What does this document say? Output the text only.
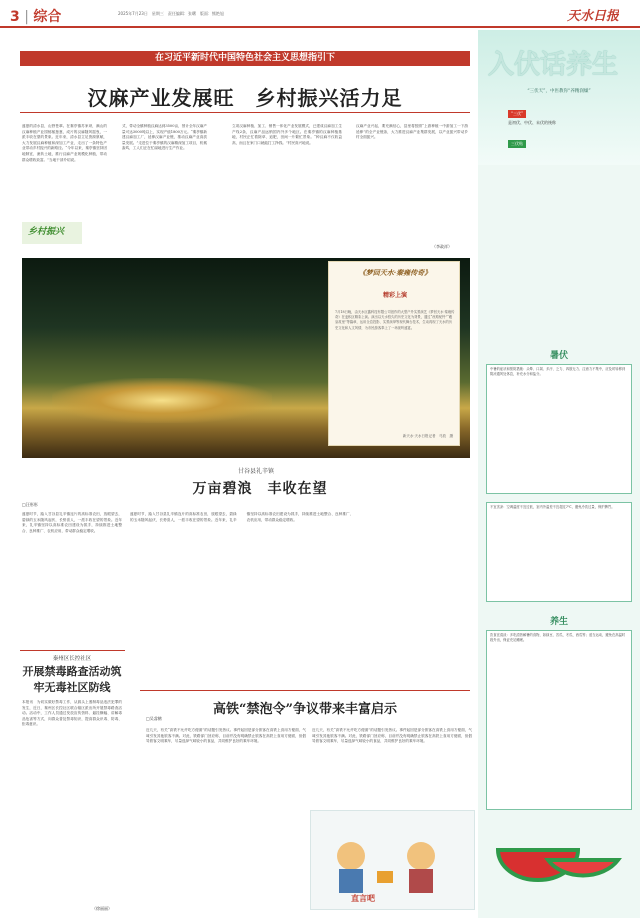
3 | 综合	2025年7月23日　星期三　责任编辑：张曙　版面：熊艳旭	天水日报
在习近平新时代中国特色社会主义思想指引下
汉麻产业发展旺　乡村振兴活力足
盛夏的清水县，山野苍翠。在秦亭镇苏家坝，满山的汉麻种植产业园郁郁葱葱，成片的汉麻随风摇曳，一派丰收在望的景象。近年来，清水县立足资源禀赋，大力发展汉麻种植和深加工产业，走出了一条特色产业带动乡村振兴的新路径。“今年以来，秦亭镇坚持因地制宜，流转土地，推行汉麻产业规模化种植，带动群众增收致富。”当地干部介绍说。
乡村振兴
式，带动全镇种植汉麻达到3500亩，预计全年汉麻产量可达3000吨以上，实现产值1800万元。“秦亭镇新建汉麻加工厂，延伸汉麻产业链，推动汉麻产业高质量发展。”走进位于秦亭镇的汉麻精深加工项目，机械轰鸣，工人们正在忙碌地进行生产作业。
立项汉麻种植、加工、销售一体化产业发展模式，已建成汉麻加工生产线2条，汉麻产品远销国内外多个地区。在秦亭镇的汉麻种植基地，村民正忙着除草、追肥，田间一片繁忙景象。“种汉麻不仅收益高，而且在家门口就能打工挣钱。”村民高兴地说。
汉麻产业兴起，要充满信心，县里将按照“上游种植一中游加工一下游延伸”的全产业链条，大力推进汉麻产业集群发展，以产业振兴带动乡村全面振兴。
（李政祥）
《梦回天水·秦雍传奇》
精彩上演
7月18日晚，由天水巨鑫科技有限公司创作的大型户外实景演艺《梦回天水·秦雍传奇》在麦积区精彩上演。演出以天水悠久的历史文化为背景，通过“丝路驼铃”“羲皇故里”等篇章，运用全息投影、实景演绎等现代舞台技术，生动再现了天水的历史文化和人文风情，为市民游客奉上了一场视听盛宴。
新天水·天水日报记者　马放　摄
甘谷县礼辛镇
万亩碧浪　丰收在望
□汪彤彤
盛夏时节，踏入甘谷县礼辛镇连片的高标准农田，放眼望去，碧绿的玉米随风起伏，长势喜人，一派丰收在望的景象。近年来，礼辛镇坚持以高标准农田建设为抓手，持续推进土地整合、良种推广、农机应用，带动群众稳定增收。
盛夏时节，踏入甘谷县礼辛镇连片的高标准农田，放眼望去，碧绿的玉米随风起伏，长势喜人，一派丰收在望的景象。近年来，礼辛镇坚持以高标准农田建设为抓手，持续推进土地整合、良种推广、农机应用，带动群众稳定增收。
秦州区长控社区
开展禁毒路查活动筑牢无毒社区防线
本报讯　为切实做好禁毒工作，从源头上遏制毒品违法犯罪的发生，近日，秦州区长控社区联合辖区派出所开展禁毒路查活动。活动中，工作人员通过发放宣传资料、悬挂横幅、讲解毒品危害等方式，向群众普及禁毒知识，提高群众识毒、防毒、拒毒意识。
（徐丽丽）
高铁“禁泡令”争议带来丰富启示
□吴睿鹤
近几天，有关“高铁不允许吃方便面”的话题引发热议。事件起因是部分旅客在高铁上食用方便面，气味引发其他旅客不满。对此，铁路部门回应称，目前并没有明确禁止旅客在高铁上食用方便面，但倡导旅客文明乘车，尽量选择气味较小的食品，共同维护良好的乘车环境。
近几天，有关“高铁不允许吃方便面”的话题引发热议。事件起因是部分旅客在高铁上食用方便面，气味引发其他旅客不满。对此，铁路部门回应称，目前并没有明确禁止旅客在高铁上食用方便面，但倡导旅客文明乘车，尽量选择气味较小的食品，共同维护良好的乘车环境。
直言吧
入伏话养生
“三伏天”，中医教你“养精润燥”
“三伏”
是初伏、中伏、末伏的统称
三伏贴
暑伏
中暑的症状和预防措施：头晕、口渴、多汗、乏力、四肢无力、注意力不集中，应及时转移到阴凉通风处休息，补充水分和盐分。
不宜贪凉：空调温度不宜过低，室内外温差不宜超过7℃，避免冷饮过量，保护脾胃。
养生
饮食宜清淡：多吃清热解暑的食物，如绿豆、苦瓜、冬瓜、西瓜等；适当运动，避免在高温时段外出，保证充足睡眠。
